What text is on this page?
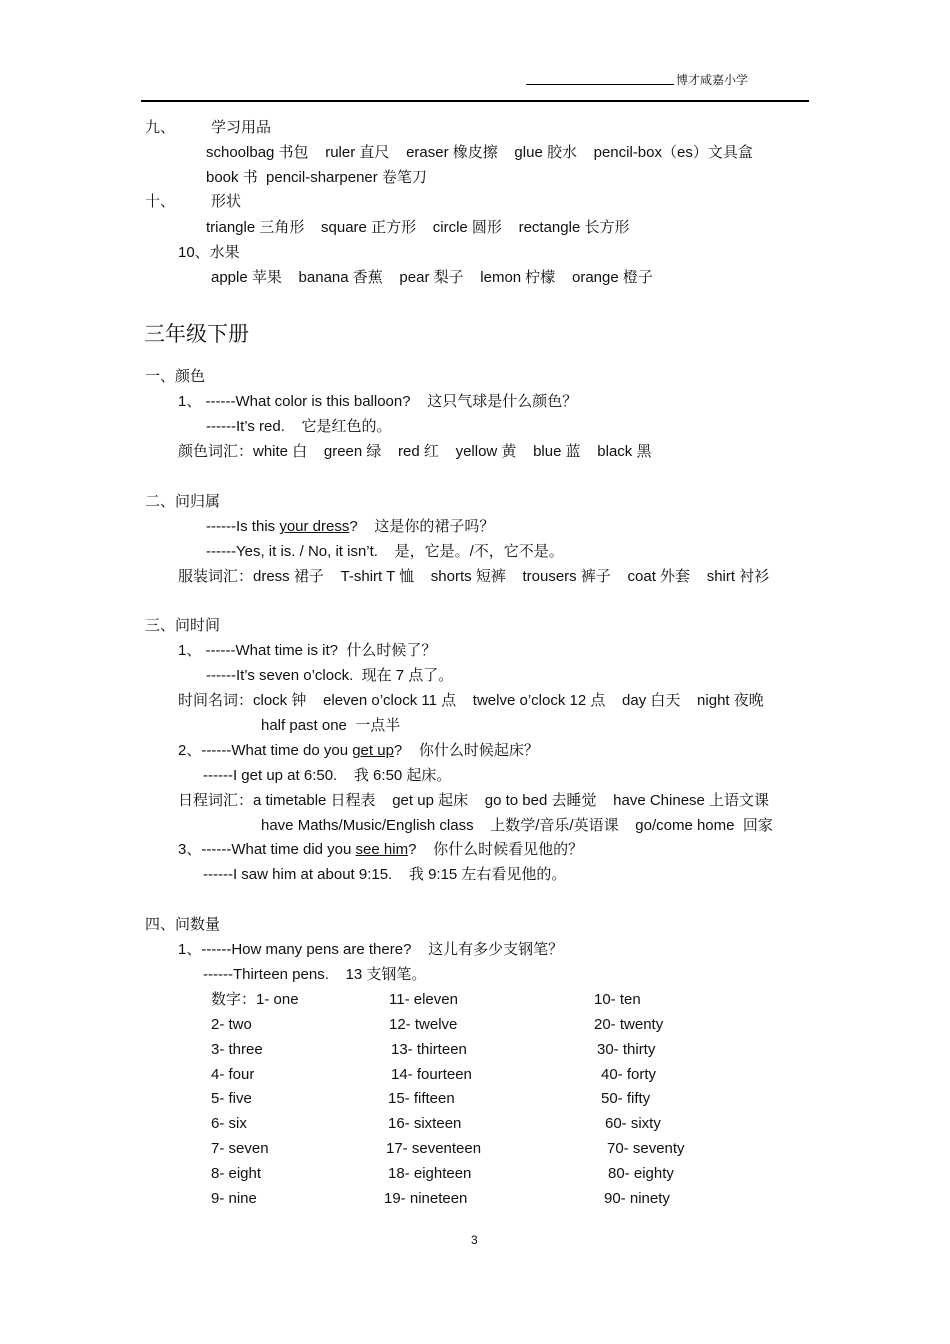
博才咸嘉小学
九、 学习用品
schoolbag 书包    ruler 直尺    eraser 橡皮擦    glue 胶水    pencil-box（es）文具盒
book 书  pencil-sharpener 卷笔刀
十、 形状
triangle 三角形    square 正方形    circle 圆形    rectangle 长方形
10、水果
apple 苹果    banana 香蕉    pear 梨子    lemon 柠檬    orange 橙子
三年级下册
一、颜色
1、 ------What color is this balloon?    这只气球是什么颜色？
------It’s red.    它是红色的。
颜色词汇：white 白    green 绿    red 红    yellow 黄    blue 蓝    black 黑
二、问归属
------Is this your dress?    这是你的裙子吗？
------Yes, it is. / No, it isn’t.    是，它是。/不，它不是。
服装词汇：dress 裙子    T-shirt T 恤    shorts 短裤    trousers 裤子    coat 外套    shirt 衬衫
三、问时间
1、 ------What time is it?  什么时候了？
------It’s seven o’clock.  现在 7 点了。
时间名词：clock 钟    eleven o’clock 11 点    twelve o’clock 12 点    day 白天    night 夜晚
half past one  一点半
2、------What time do you get up?    你什么时候起床？
------I get up at 6:50.    我 6:50 起床。
日程词汇：a timetable 日程表    get up 起床    go to bed 去睡觉    have Chinese 上语文课
have Maths/Music/English class    上数学/音乐/英语课    go/come home  回家
3、------What time did you see him?    你什么时候看见他的？
------I saw him at about 9:15.    我 9:15 左右看见他的。
四、问数量
1、------How many pens are there?    这儿有多少支钢笔？
------Thirteen pens.    13 支钢笔。
数字：1- one
2- two
3- three
4- four
5- five
6- six
7- seven
8- eight
9- nine
11- eleven
12- twelve
13- thirteen
14- fourteen
15- fifteen
16- sixteen
17- seventeen
18- eighteen
19- nineteen
10- ten
20- twenty
30- thirty
40- forty
50- fifty
60- sixty
70- seventy
80- eighty
90- ninety
3
